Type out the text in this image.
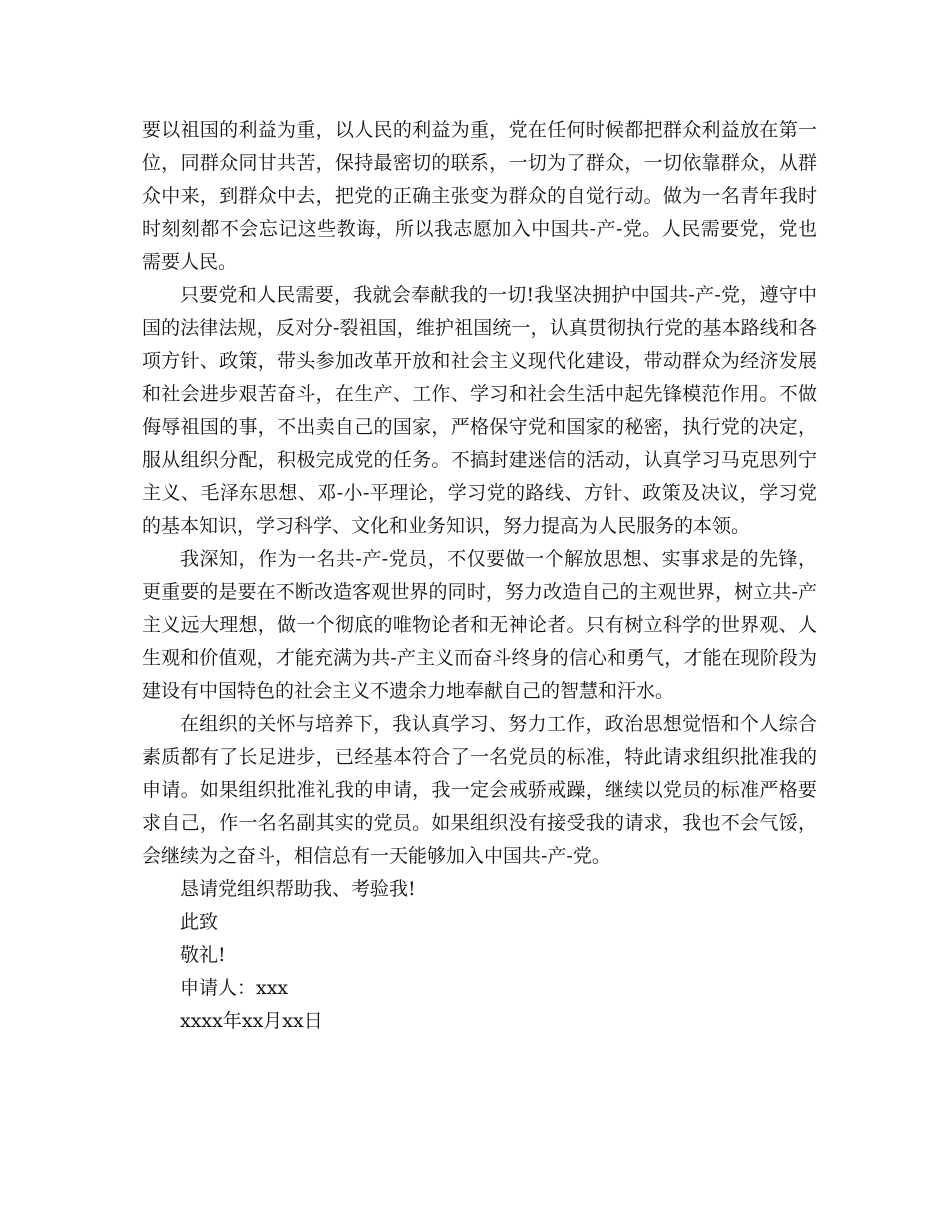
要以祖国的利益为重，以人民的利益为重，党在任何时候都把群众利益放在第一位，同群众同甘共苦，保持最密切的联系，一切为了群众，一切依靠群众，从群众中来，到群众中去，把党的正确主张变为群众的自觉行动。做为一名青年我时时刻刻都不会忘记这些教诲，所以我志愿加入中国共-产-党。人民需要党，党也需要人民。

只要党和人民需要，我就会奉献我的一切!我坚决拥护中国共-产-党，遵守中国的法律法规，反对分-裂祖国，维护祖国统一，认真贯彻执行党的基本路线和各项方针、政策，带头参加改革开放和社会主义现代化建设，带动群众为经济发展和社会进步艰苦奋斗，在生产、工作、学习和社会生活中起先锋模范作用。不做侮辱祖国的事，不出卖自己的国家，严格保守党和国家的秘密，执行党的决定，服从组织分配，积极完成党的任务。不搞封建迷信的活动，认真学习马克思列宁主义、毛泽东思想、邓-小-平理论，学习党的路线、方针、政策及决议，学习党的基本知识，学习科学、文化和业务知识，努力提高为人民服务的本领。

我深知，作为一名共-产-党员，不仅要做一个解放思想、实事求是的先锋，更重要的是要在不断改造客观世界的同时，努力改造自己的主观世界，树立共-产主义远大理想，做一个彻底的唯物论者和无神论者。只有树立科学的世界观、人生观和价值观，才能充满为共-产主义而奋斗终身的信心和勇气，才能在现阶段为建设有中国特色的社会主义不遗余力地奉献自己的智慧和汗水。

在组织的关怀与培养下，我认真学习、努力工作，政治思想觉悟和个人综合素质都有了长足进步，已经基本符合了一名党员的标准，特此请求组织批准我的申请。如果组织批准礼我的申请，我一定会戒骄戒躁，继续以党员的标准严格要求自己，作一名名副其实的党员。如果组织没有接受我的请求，我也不会气馁，会继续为之奋斗，相信总有一天能够加入中国共-产-党。

恳请党组织帮助我、考验我!

此致

敬礼!

申请人：xxx

xxxx年xx月xx日
